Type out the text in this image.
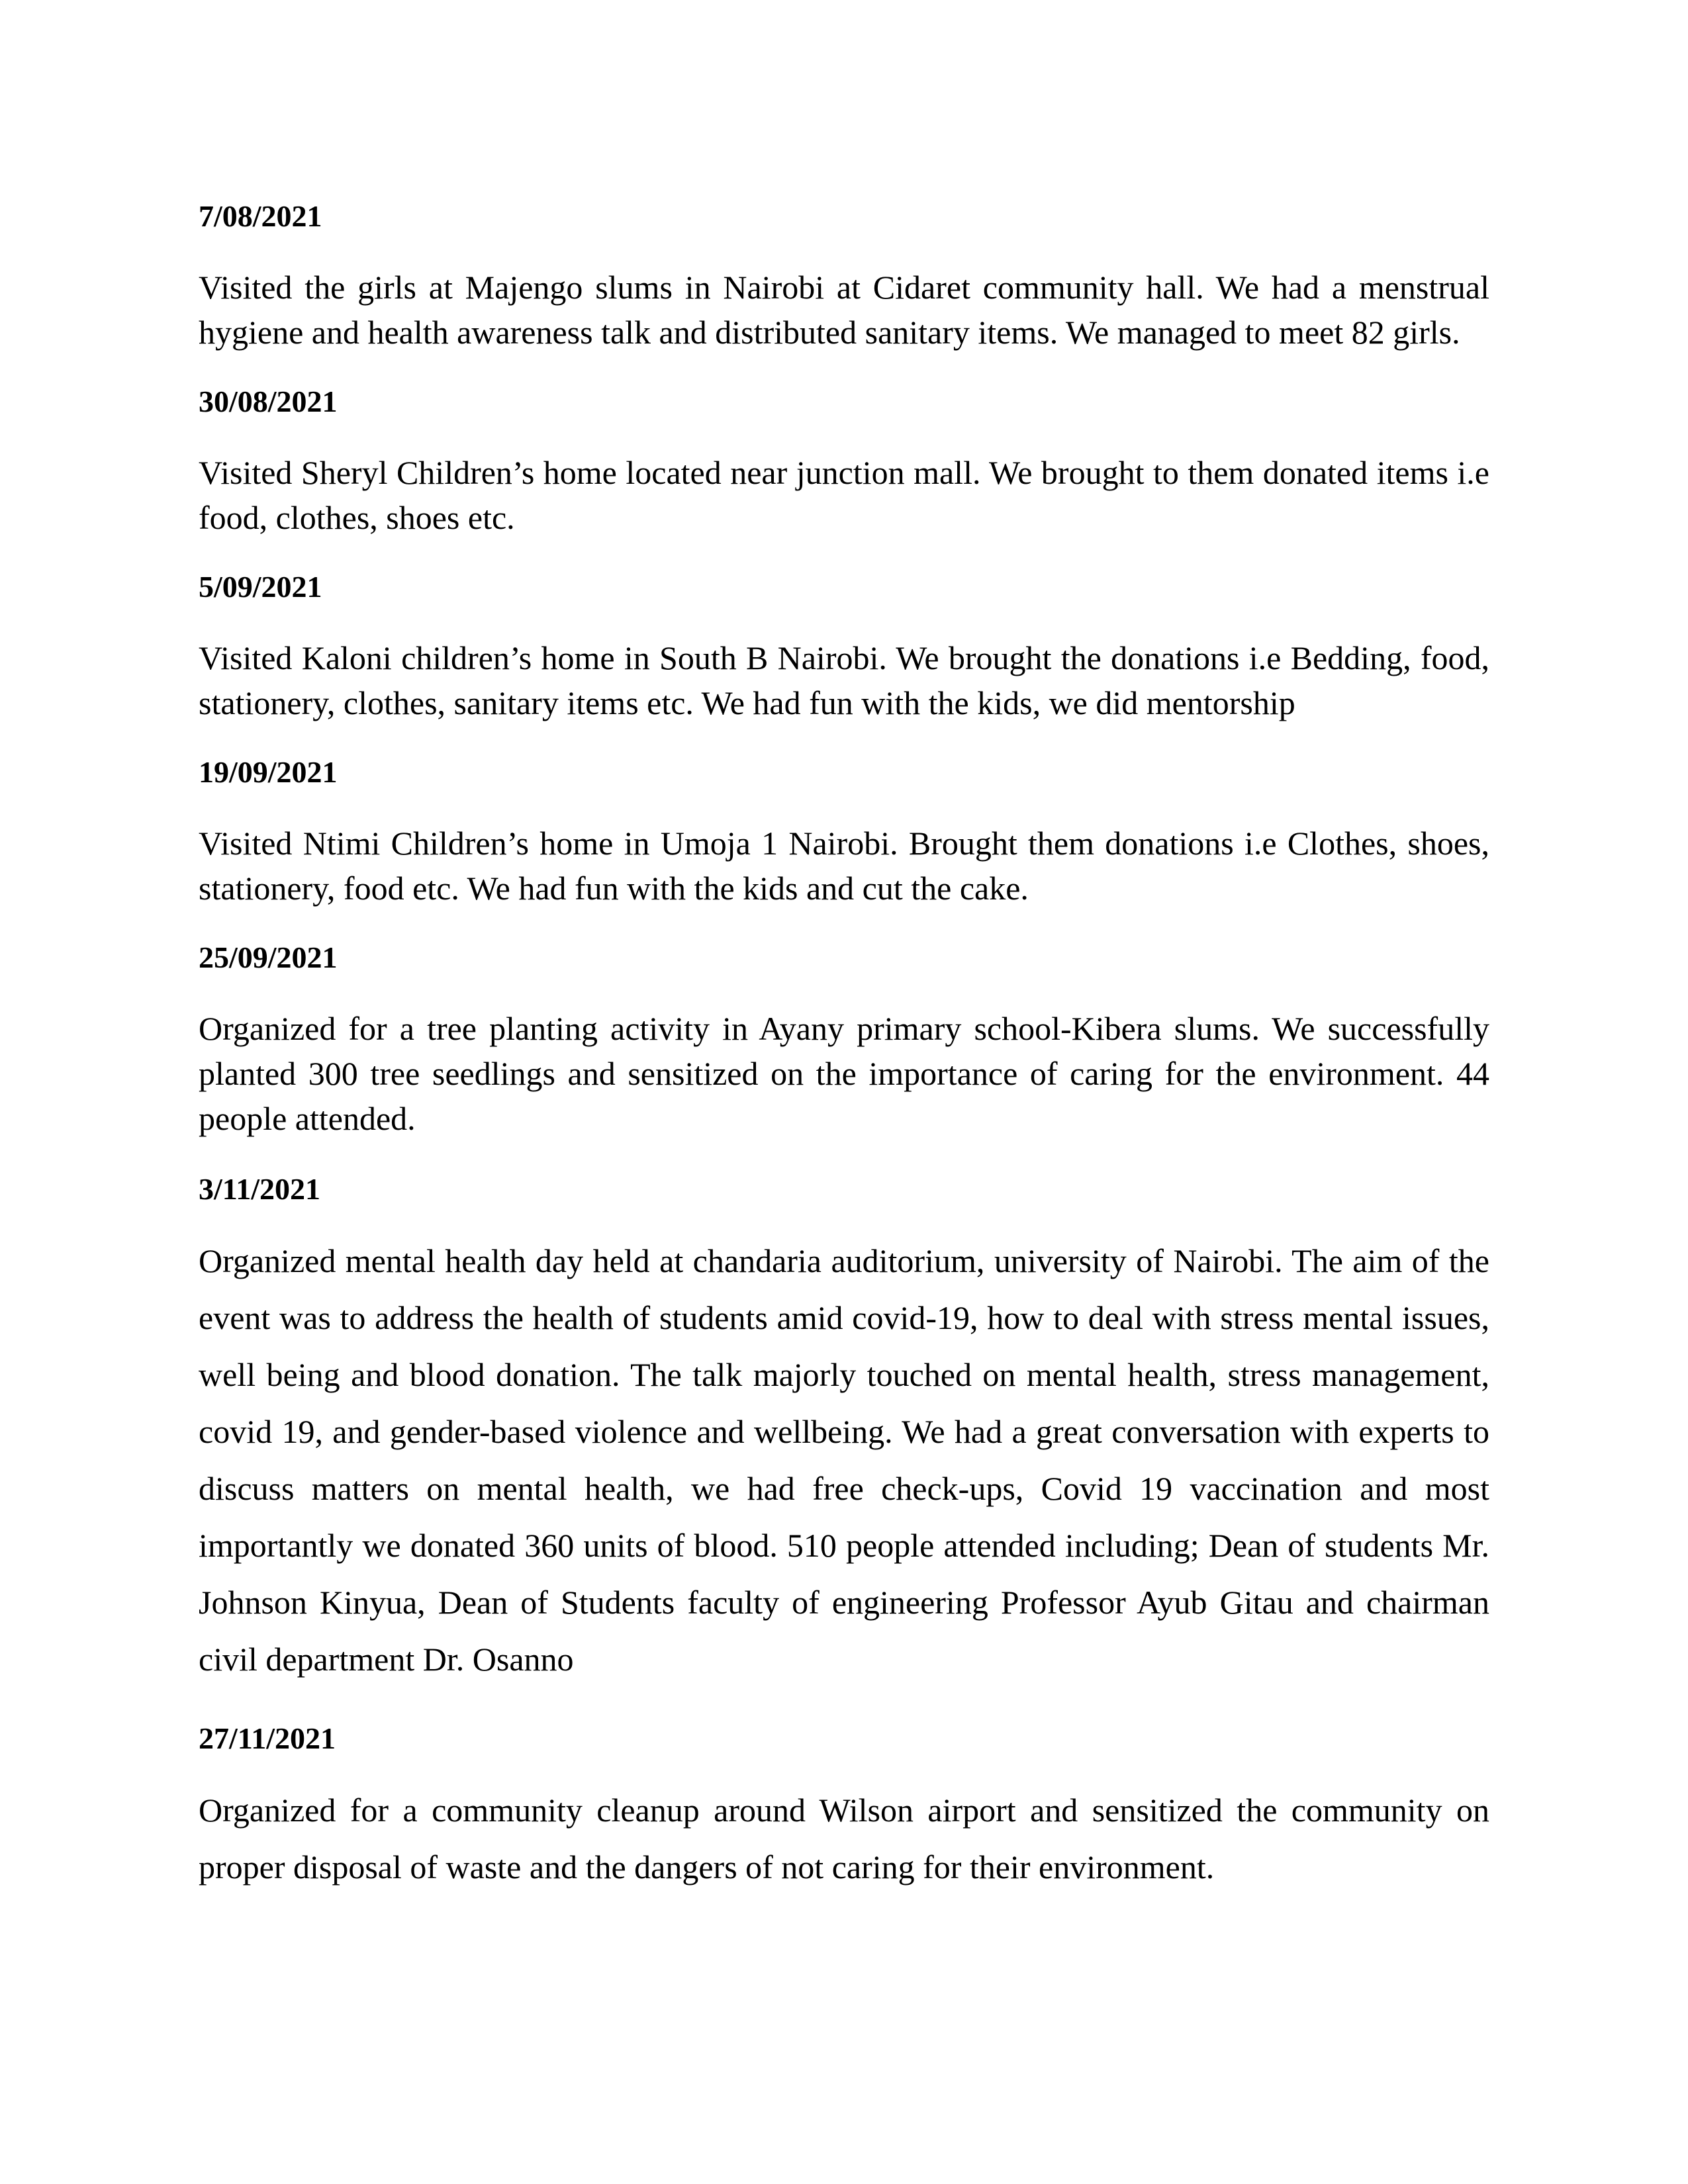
7/08/2021

Visited the girls at Majengo slums in Nairobi at Cidaret community hall. We had a menstrual hygiene and health awareness talk and distributed sanitary items. We managed to meet 82 girls.

30/08/2021

Visited Sheryl Children’s home located near junction mall. We brought to them donated items i.e food, clothes, shoes etc.

5/09/2021

Visited Kaloni children’s home in South B Nairobi. We brought the donations i.e Bedding, food, stationery, clothes, sanitary items etc. We had fun with the kids, we did mentorship

19/09/2021

Visited Ntimi Children’s home in Umoja 1 Nairobi. Brought them donations i.e Clothes, shoes, stationery, food etc. We had fun with the kids and cut the cake.

25/09/2021

Organized for a tree planting activity in Ayany primary school-Kibera slums. We successfully planted 300 tree seedlings and sensitized on the importance of caring for the environment. 44 people attended.

3/11/2021

Organized mental health day held at chandaria auditorium, university of Nairobi. The aim of the event was to address the health of students amid covid-19, how to deal with stress mental issues, well being and blood donation. The talk majorly touched on mental health, stress management, covid 19, and gender-based violence and wellbeing. We had a great conversation with experts to discuss matters on mental health, we had free check-ups, Covid 19 vaccination and most importantly we donated 360 units of blood. 510 people attended including; Dean of students Mr. Johnson Kinyua, Dean of Students faculty of engineering Professor Ayub Gitau and chairman civil department Dr. Osanno

27/11/2021

Organized for a community cleanup around Wilson airport and sensitized the community on proper disposal of waste and the dangers of not caring for their environment.
